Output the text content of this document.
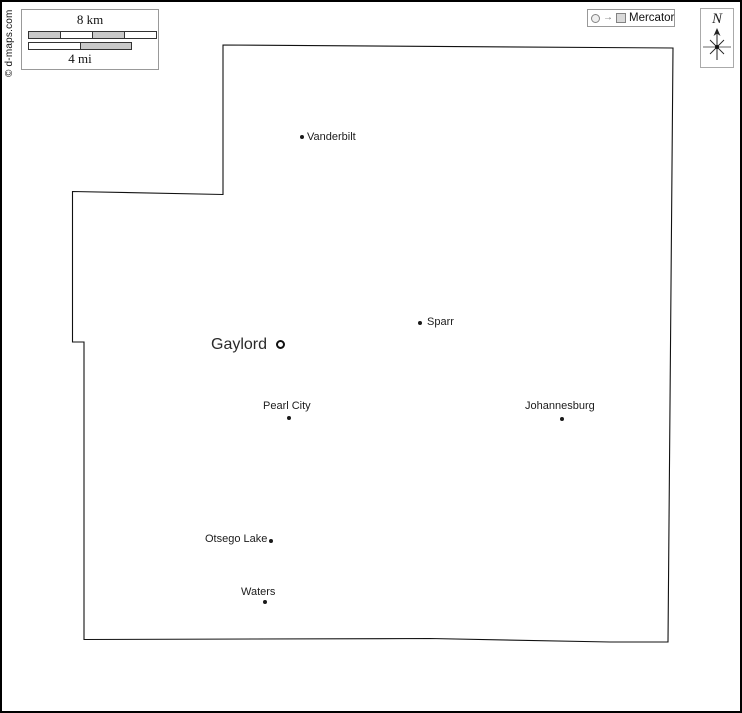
© d-maps.com	8 km
4 mi
→ Mercator	N
Vanderbilt
Sparr
Gaylord
Pearl City	Johannesburg
Otsego Lake
Waters
